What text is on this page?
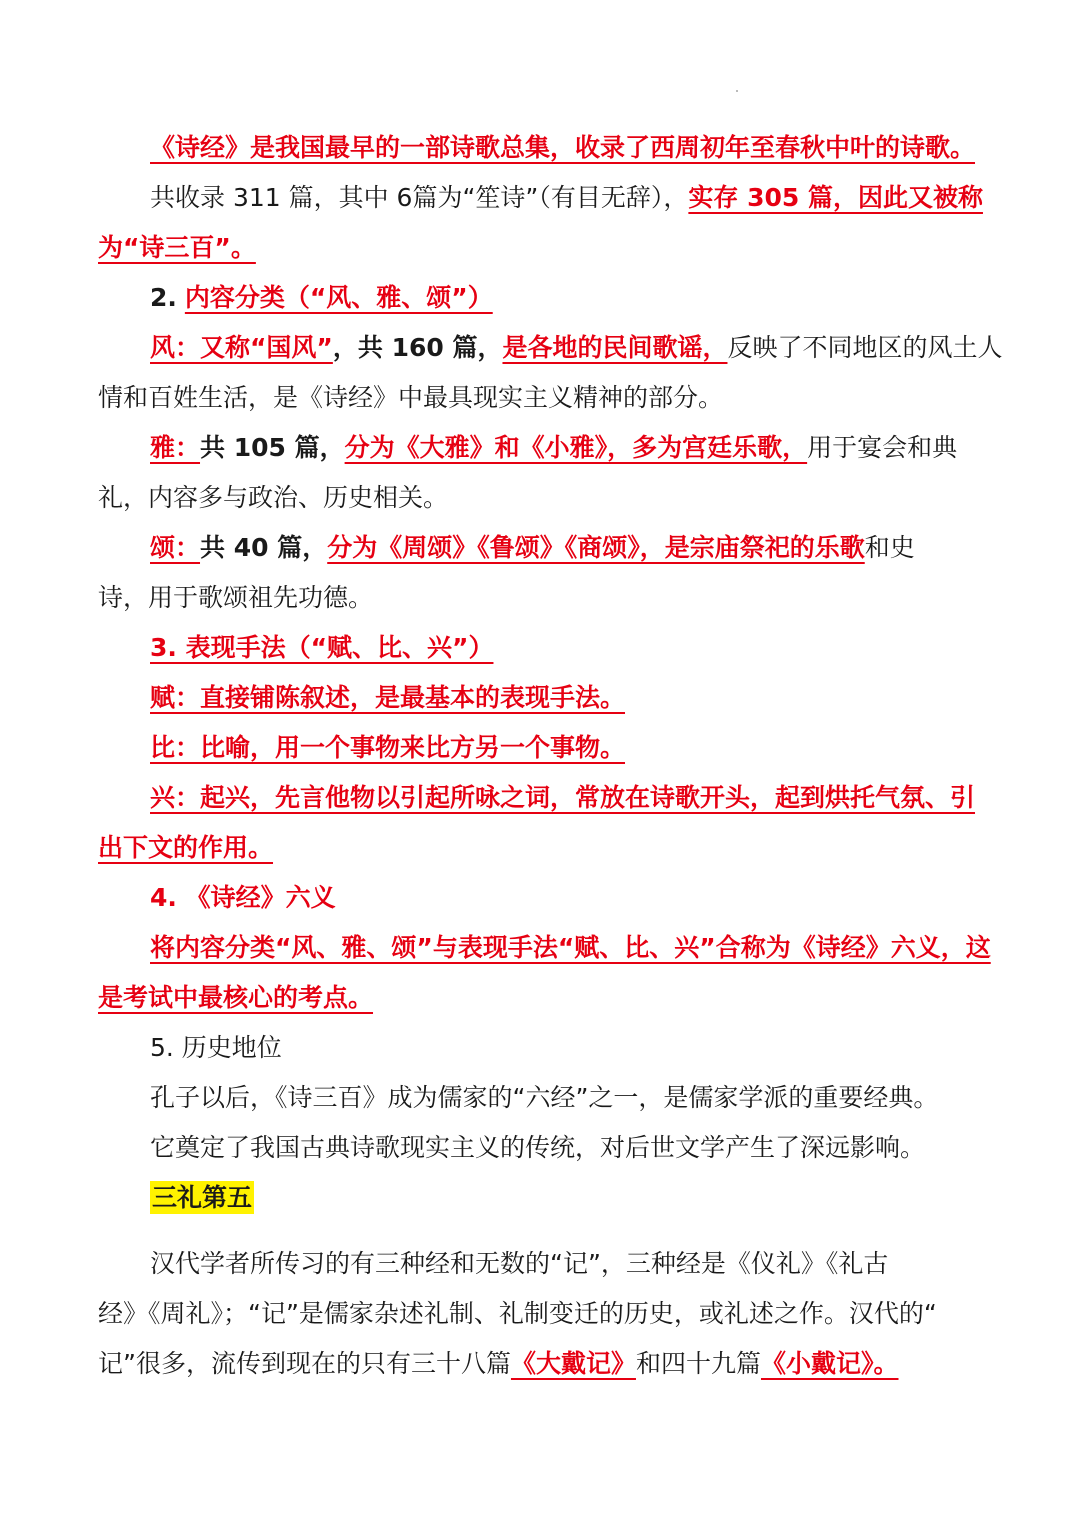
《诗经》是我国最早的一部诗歌总集，收录了西周初年至春秋中叶的诗歌。
共收录 311 篇，其中 6篇为“笙诗”（有目无辞），实存 305 篇，因此又被称
为“诗三百”。
2. 内容分类（“风、雅、颂”）
风：又称“国风”，共 160 篇，是各地的民间歌谣，反映了不同地区的风土人
情和百姓生活，是《诗经》中最具现实主义精神的部分。
雅：共 105 篇，分为《大雅》和《小雅》，多为宫廷乐歌，用于宴会和典
礼，内容多与政治、历史相关。
颂：共 40 篇，分为《周颂》《鲁颂》《商颂》，是宗庙祭祀的乐歌和史
诗，用于歌颂祖先功德。
3. 表现手法（“赋、比、兴”）
赋：直接铺陈叙述，是最基本的表现手法。
比：比喻，用一个事物来比方另一个事物。
兴：起兴，先言他物以引起所咏之词，常放在诗歌开头，起到烘托气氛、引
出下文的作用。
4. 《诗经》六义
将内容分类“风、雅、颂”与表现手法“赋、比、兴”合称为《诗经》六义，这
是考试中最核心的考点。
5. 历史地位
孔子以后，《诗三百》成为儒家的“六经”之一，是儒家学派的重要经典。
它奠定了我国古典诗歌现实主义的传统，对后世文学产生了深远影响。
三礼第五
汉代学者所传习的有三种经和无数的“记”，三种经是《仪礼》《礼古
经》《周礼》；“记”是儒家杂述礼制、礼制变迁的历史，或礼述之作。汉代的“
记”很多，流传到现在的只有三十八篇《大戴记》和四十九篇《小戴记》。
